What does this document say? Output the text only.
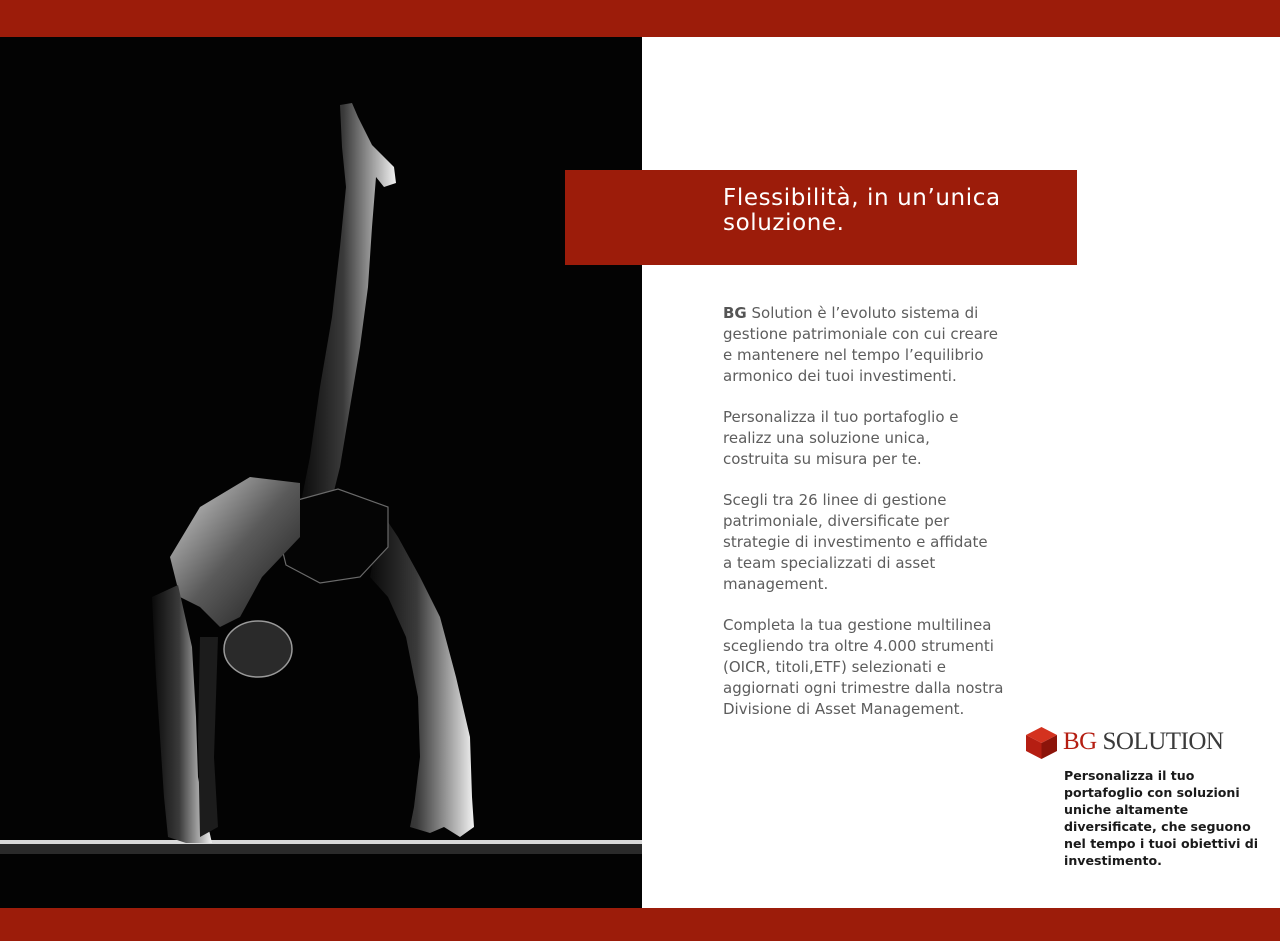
Flessibilità, in un’unica soluzione.

BG Solution è l’evoluto sistema di
gestione patrimoniale con cui creare
e mantenere nel tempo l’equilibrio
armonico dei tuoi investimenti.

Personalizza il tuo portafoglio e
realizz una soluzione unica,
costruita su misura per te.

Scegli tra 26 linee di gestione
patrimoniale, diversificate per
strategie di investimento e affidate
a team specializzati di asset
management.

Completa la tua gestione multilinea
scegliendo tra oltre 4.000 strumenti
(OICR, titoli,ETF) selezionati e
aggiornati ogni trimestre dalla nostra
Divisione di Asset Management.

BG SOLUTION

Personalizza il tuo portafoglio con soluzioni uniche altamente diversificate, che seguono nel tempo i tuoi obiettivi di investimento.
